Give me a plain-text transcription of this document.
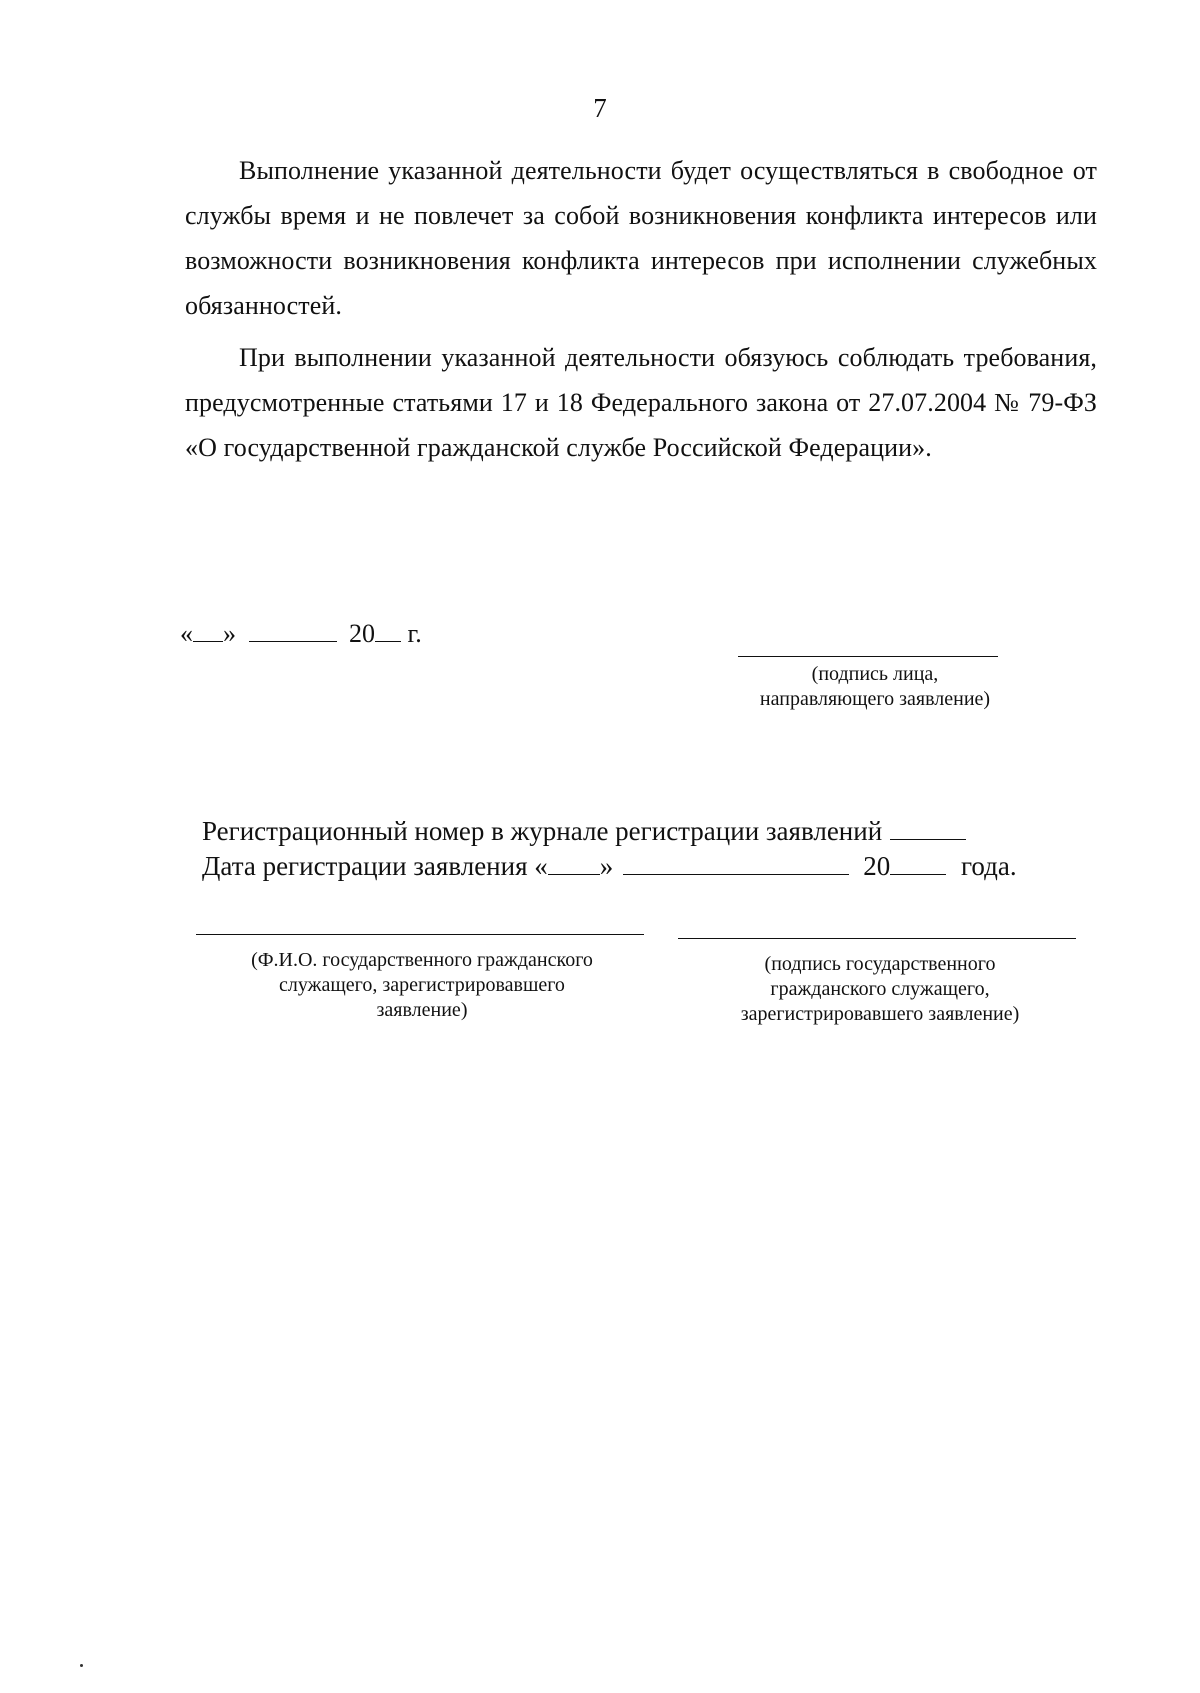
7

Выполнение указанной деятельности будет осуществляться в свободное от службы время и не повлечет за собой возникновения конфликта интересов или возможности возникновения конфликта интересов при исполнении служебных обязанностей.

При выполнении указанной деятельности обязуюсь соблюдать требования, предусмотренные статьями 17 и 18 Федерального закона от 27.07.2004 № 79-ФЗ «О государственной гражданской службе Российской Федерации».

« »	20 г.

(подпись лица,
направляющего заявление)

Регистрационный номер в журнале регистрации заявлений
Дата регистрации заявления « »	20	года.

(Ф.И.О. государственного гражданского
служащего, зарегистрировавшего
заявление)

(подпись государственного
гражданского служащего,
зарегистрировавшего заявление)
